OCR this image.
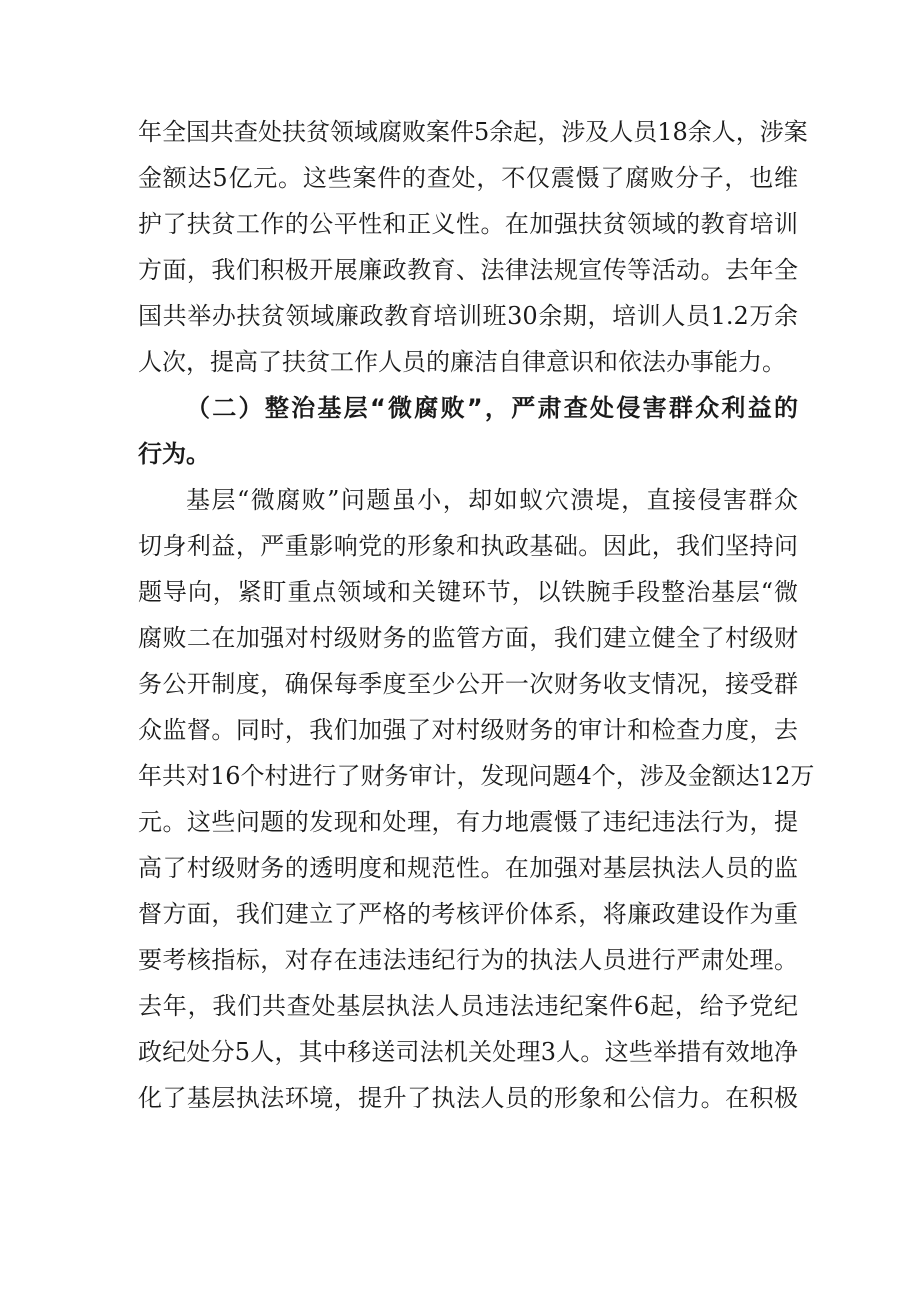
年全国共查处扶贫领域腐败案件5余起，涉及人员18余人，涉案
金额达5亿元。这些案件的查处，不仅震慑了腐败分子，也维
护了扶贫工作的公平性和正义性。在加强扶贫领域的教育培训
方面，我们积极开展廉政教育、法律法规宣传等活动。去年全
国共举办扶贫领域廉政教育培训班30余期，培训人员1.2万余
人次，提高了扶贫工作人员的廉洁自律意识和依法办事能力。
（二）整治基层“微腐败”，严肃查处侵害群众利益的
行为。
基层“微腐败”问题虽小，却如蚁穴溃堤，直接侵害群众
切身利益，严重影响党的形象和执政基础。因此，我们坚持问
题导向，紧盯重点领域和关键环节，以铁腕手段整治基层“微
腐败二在加强对村级财务的监管方面，我们建立健全了村级财
务公开制度，确保每季度至少公开一次财务收支情况，接受群
众监督。同时，我们加强了对村级财务的审计和检查力度，去
年共对16个村进行了财务审计，发现问题4个，涉及金额达12万
元。这些问题的发现和处理，有力地震慑了违纪违法行为，提
高了村级财务的透明度和规范性。在加强对基层执法人员的监
督方面，我们建立了严格的考核评价体系，将廉政建设作为重
要考核指标，对存在违法违纪行为的执法人员进行严肃处理。
去年，我们共查处基层执法人员违法违纪案件6起，给予党纪
政纪处分5人，其中移送司法机关处理3人。这些举措有效地净
化了基层执法环境，提升了执法人员的形象和公信力。在积极
